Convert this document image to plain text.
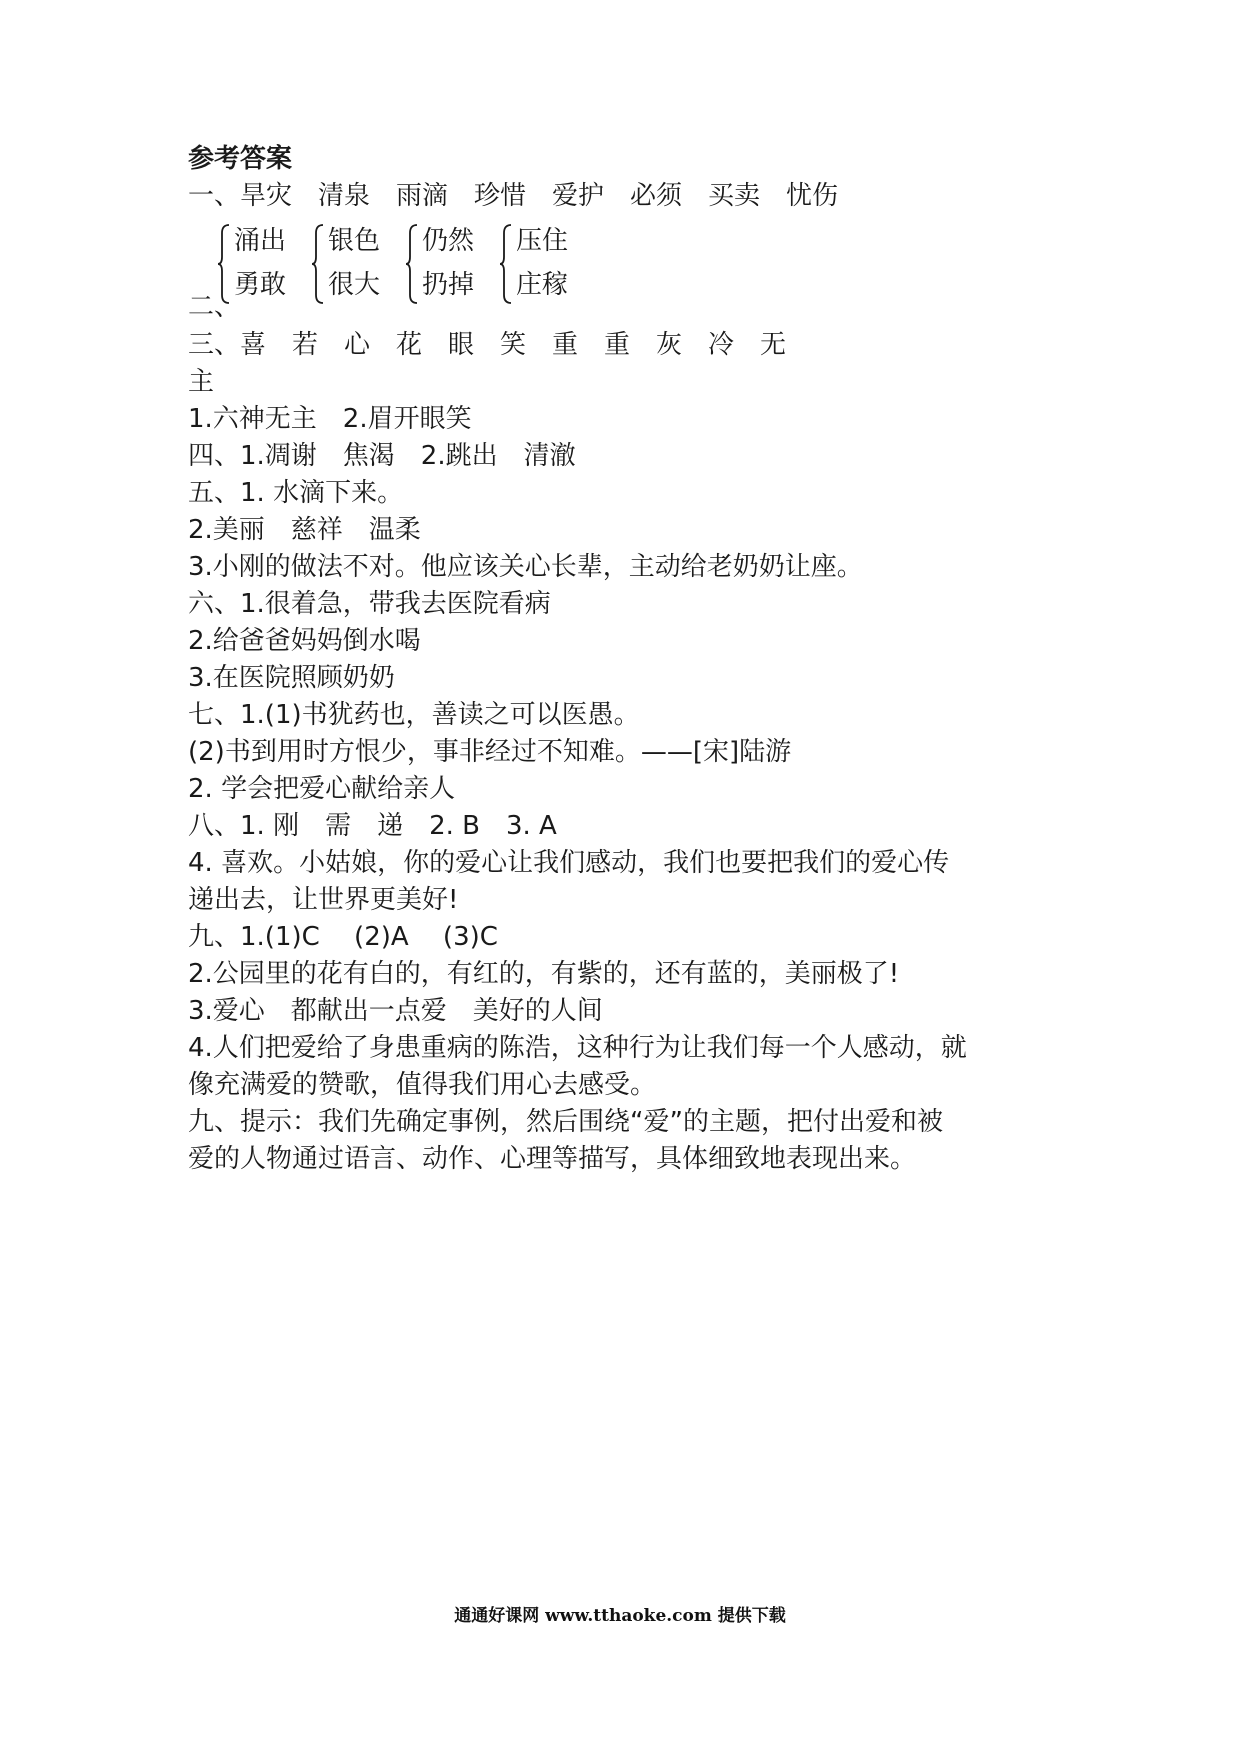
参考答案
一、旱灾　清泉　雨滴　珍惜　爱护　必须　买卖　忧伤
二、
涌出
勇敢
银色
很大
仍然
扔掉
压住
庄稼
三、喜　若　心　花　眼　笑　重　重　灰　冷　无
主
1.六神无主　2.眉开眼笑
四、1.凋谢　焦渴　2.跳出　清澈
五、1. 水滴下来。
2.美丽　慈祥　温柔
3.小刚的做法不对。他应该关心长辈，主动给老奶奶让座。
六、1.很着急，带我去医院看病
2.给爸爸妈妈倒水喝
3.在医院照顾奶奶
七、1.(1)书犹药也，善读之可以医愚。
(2)书到用时方恨少，事非经过不知难。——[宋]陆游
2. 学会把爱心献给亲人
八、1. 刚　需　递　2. B　3. A
4. 喜欢。小姑娘，你的爱心让我们感动，我们也要把我们的爱心传
递出去，让世界更美好!
九、1.(1)C　 (2)A　 (3)C
2.公园里的花有白的，有红的，有紫的，还有蓝的，美丽极了!
3.爱心　都献出一点爱　美好的人间
4.人们把爱给了身患重病的陈浩，这种行为让我们每一个人感动，就
像充满爱的赞歌，值得我们用心去感受。
九、提示：我们先确定事例，然后围绕“爱”的主题，把付出爱和被
爱的人物通过语言、动作、心理等描写，具体细致地表现出来。
通通好课网 www.tthaoke.com 提供下载
